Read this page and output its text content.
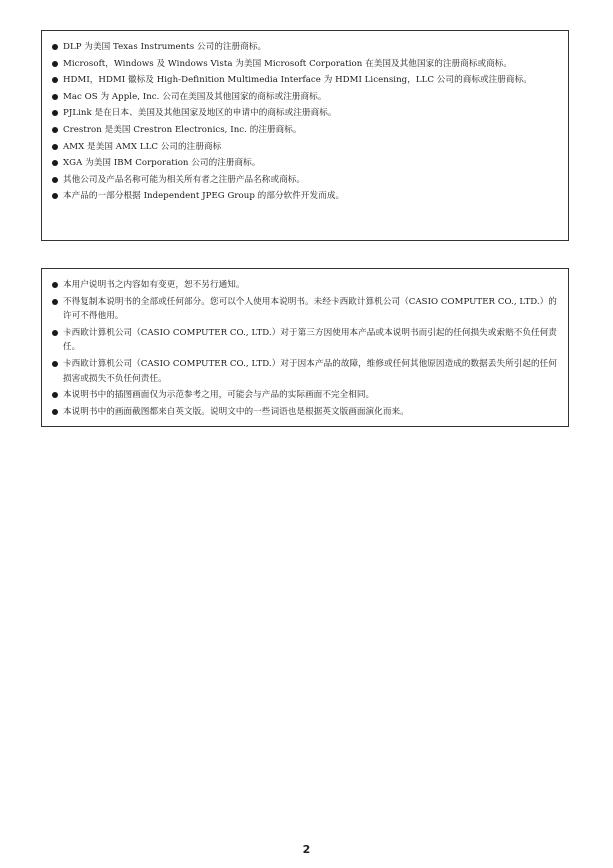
DLP 为美国 Texas Instruments 公司的注册商标。
Microsoft，Windows 及 Windows Vista 为美国 Microsoft Corporation 在美国及其他国家的注册商标或商标。
HDMI，HDMI 徽标及 High-Definition Multimedia Interface 为 HDMI Licensing，LLC 公司的商标或注册商标。
Mac OS 为 Apple, Inc. 公司在美国及其他国家的商标或注册商标。
PJLink 是在日本、美国及其他国家及地区的申请中的商标或注册商标。
Crestron 是美国 Crestron Electronics, Inc. 的注册商标。
AMX 是美国 AMX LLC 公司的注册商标
XGA 为美国 IBM Corporation 公司的注册商标。
其他公司及产品名称可能为相关所有者之注册产品名称或商标。
本产品的一部分根据 Independent JPEG Group 的部分软件开发而成。
本用户说明书之内容如有变更，恕不另行通知。
不得复制本说明书的全部或任何部分。您可以个人使用本说明书。未经卡西欧计算机公司（CASIO COMPUTER CO., LTD.）的许可不得他用。
卡西欧计算机公司（CASIO COMPUTER CO., LTD.）对于第三方因使用本产品或本说明书而引起的任何损失或索赔不负任何责任。
卡西欧计算机公司（CASIO COMPUTER CO., LTD.）对于因本产品的故障，维修或任何其他原因造成的数据丢失所引起的任何损害或损失不负任何责任。
本说明书中的插图画面仅为示范参考之用，可能会与产品的实际画面不完全相同。
本说明书中的画面截图都来自英文版。说明文中的一些词语也是根据英文版画面演化而来。
2
